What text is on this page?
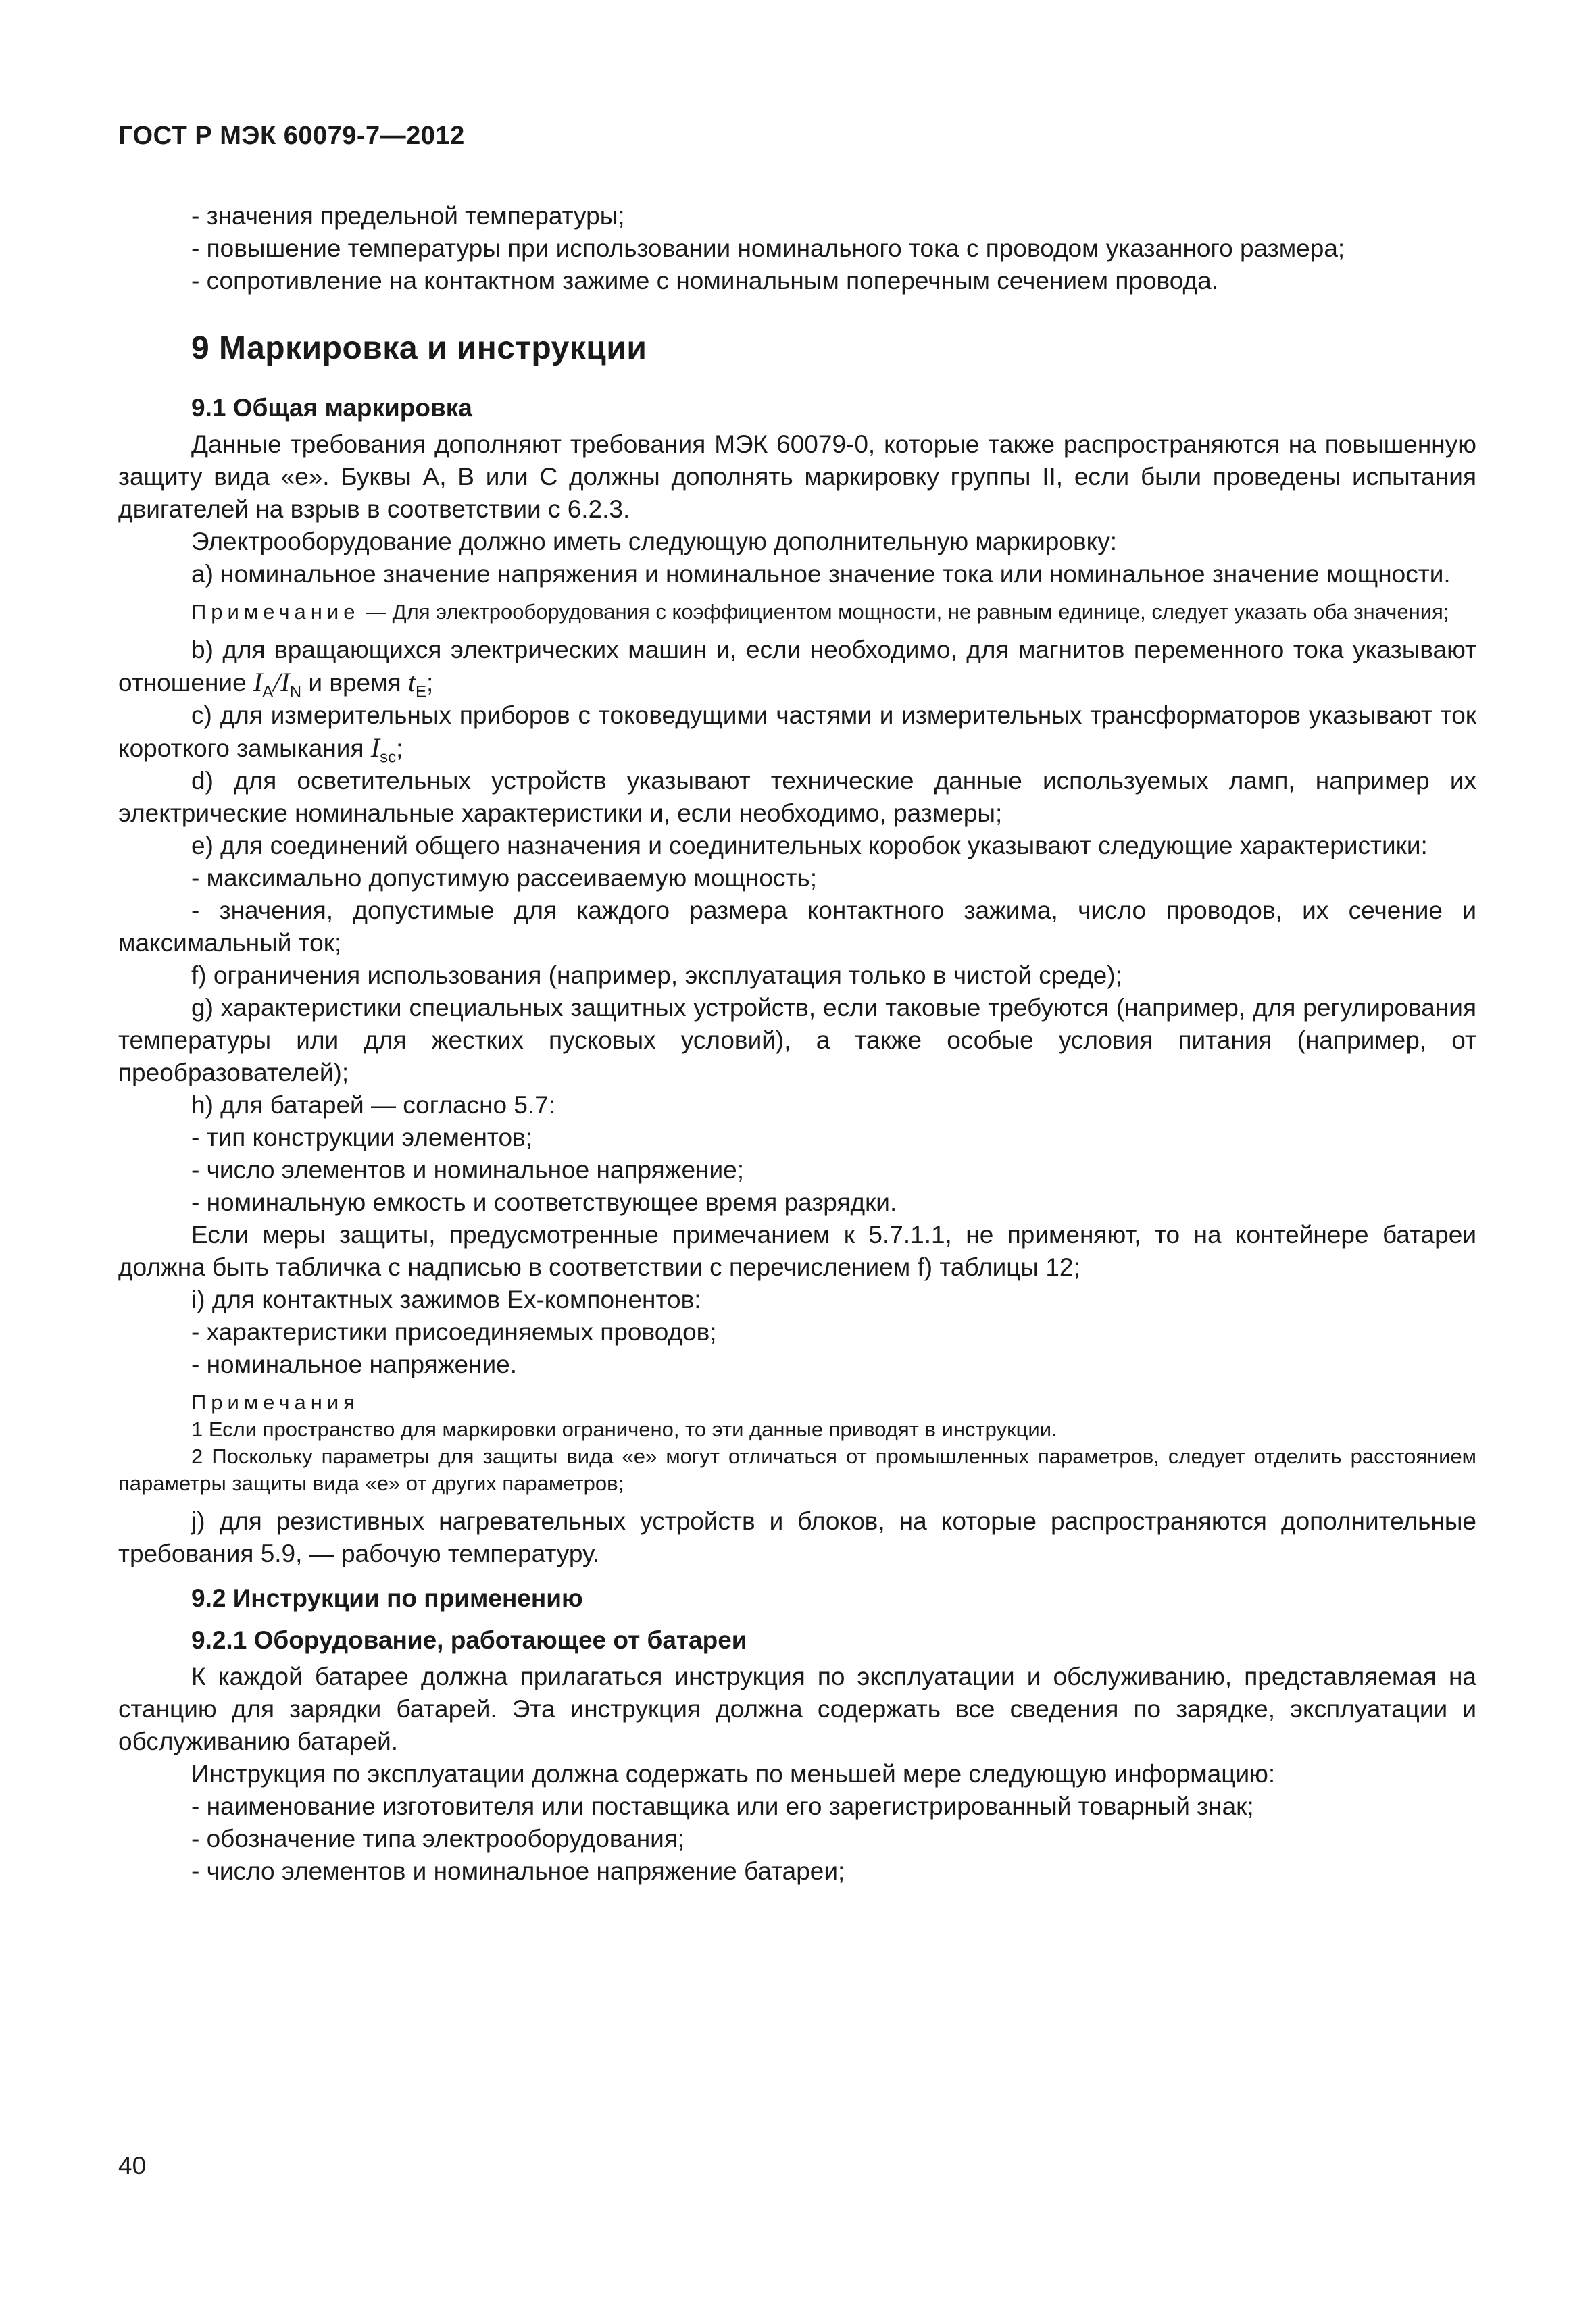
ГОСТ Р МЭК 60079-7—2012

- значения предельной температуры;

- повышение температуры при использовании номинального тока с проводом указанного размера;

- сопротивление на контактном зажиме с номинальным поперечным сечением провода.

9 Маркировка и инструкции
9.1 Общая маркировка

Данные требования дополняют требования МЭК 60079-0, которые также распространяются на повышенную защиту вида «е». Буквы А, В или С должны дополнять маркировку группы II, если были проведены испытания двигателей на взрыв в соответствии с 6.2.3.

Электрооборудование должно иметь следующую дополнительную маркировку:

а) номинальное значение напряжения и номинальное значение тока или номинальное значение мощности.

Примечание — Для электрооборудования с коэффициентом мощности, не равным единице, следует указать оба значения;

b) для вращающихся электрических машин и, если необходимо, для магнитов переменного тока указывают отношение $I_A/I_N$ и время $t_E$;

с) для измерительных приборов с токоведущими частями и измерительных трансформаторов указывают ток короткого замыкания $I_{sc}$;

d) для осветительных устройств указывают технические данные используемых ламп, например их электрические номинальные характеристики и, если необходимо, размеры;

е) для соединений общего назначения и соединительных коробок указывают следующие характеристики:

- максимально допустимую рассеиваемую мощность;

- значения, допустимые для каждого размера контактного зажима, число проводов, их сечение и максимальный ток;

f) ограничения использования (например, эксплуатация только в чистой среде);

g) характеристики специальных защитных устройств, если таковые требуются (например, для регулирования температуры или для жестких пусковых условий), а также особые условия питания (например, от преобразователей);

h) для батарей — согласно 5.7:

- тип конструкции элементов;

- число элементов и номинальное напряжение;

- номинальную емкость и соответствующее время разрядки.

Если меры защиты, предусмотренные примечанием к 5.7.1.1, не применяют, то на контейнере батареи должна быть табличка с надписью в соответствии с перечислением f) таблицы 12;

i) для контактных зажимов Ех-компонентов:

- характеристики присоединяемых проводов;

- номинальное напряжение.

Примечания

1 Если пространство для маркировки ограничено, то эти данные приводят в инструкции.

2 Поскольку параметры для защиты вида «е» могут отличаться от промышленных параметров, следует отделить расстоянием параметры защиты вида «е» от других параметров;

j) для резистивных нагревательных устройств и блоков, на которые распространяются дополнительные требования 5.9, — рабочую температуру.

9.2 Инструкции по применению
9.2.1 Оборудование, работающее от батареи

К каждой батарее должна прилагаться инструкция по эксплуатации и обслуживанию, представляемая на станцию для зарядки батарей. Эта инструкция должна содержать все сведения по зарядке, эксплуатации и обслуживанию батарей.

Инструкция по эксплуатации должна содержать по меньшей мере следующую информацию:

- наименование изготовителя или поставщика или его зарегистрированный товарный знак;

- обозначение типа электрооборудования;

- число элементов и номинальное напряжение батареи;

40
